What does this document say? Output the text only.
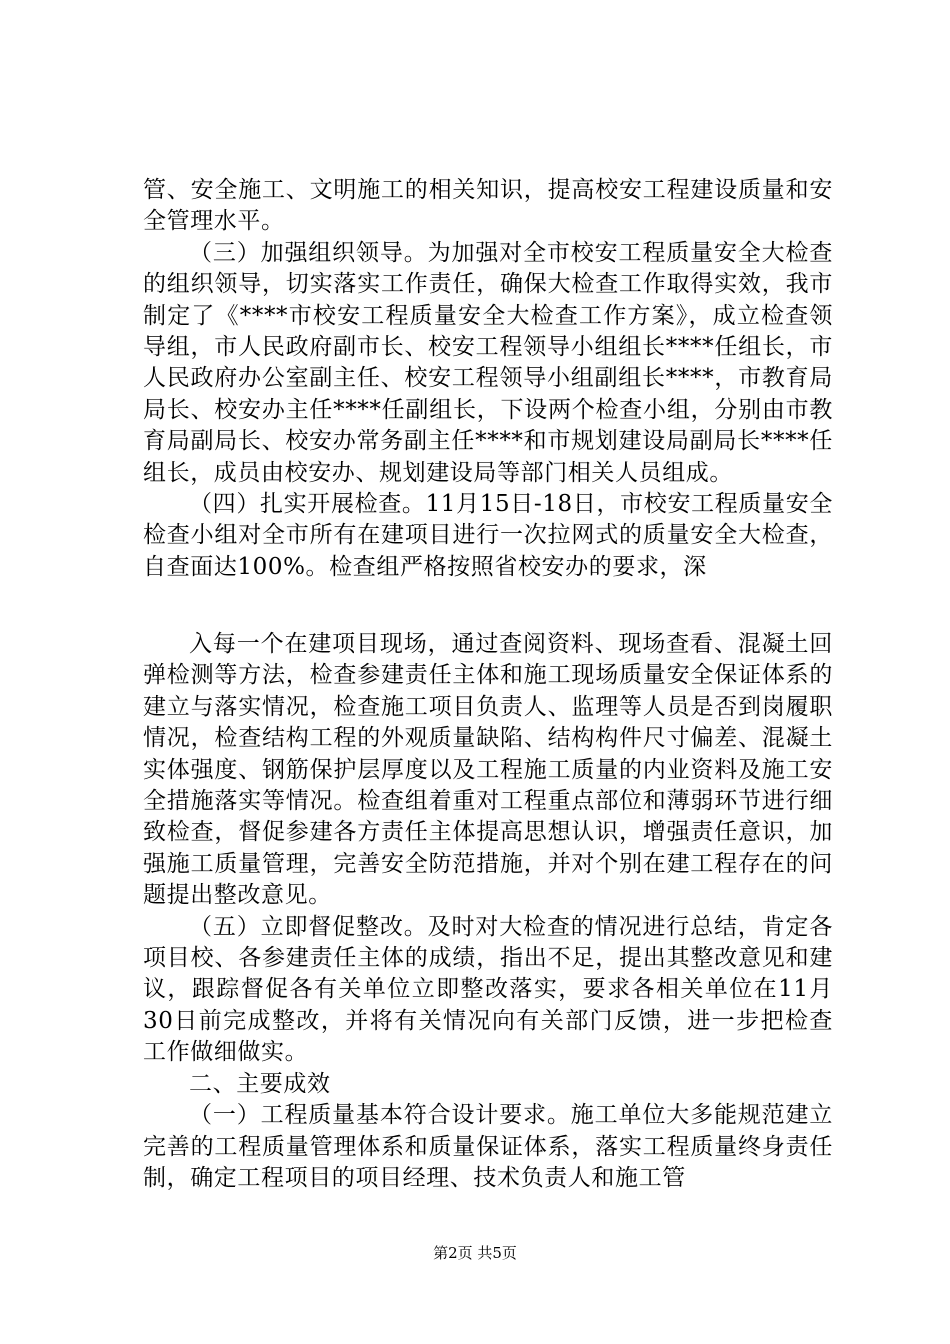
管、安全施工、文明施工的相关知识，提高校安工程建设质量和安全管理水平。

（三）加强组织领导。为加强对全市校安工程质量安全大检查的组织领导，切实落实工作责任，确保大检查工作取得实效，我市制定了《****市校安工程质量安全大检查工作方案》，成立检查领导组，市人民政府副市长、校安工程领导小组组长****任组长，市人民政府办公室副主任、校安工程领导小组副组长****，市教育局局长、校安办主任****任副组长，下设两个检查小组，分别由市教育局副局长、校安办常务副主任****和市规划建设局副局长****任组长，成员由校安办、规划建设局等部门相关人员组成。

（四）扎实开展检查。11月15日-18日，市校安工程质量安全检查小组对全市所有在建项目进行一次拉网式的质量安全大检查，自查面达100%。检查组严格按照省校安办的要求，深

入每一个在建项目现场，通过查阅资料、现场查看、混凝土回弹检测等方法，检查参建责任主体和施工现场质量安全保证体系的建立与落实情况，检查施工项目负责人、监理等人员是否到岗履职情况，检查结构工程的外观质量缺陷、结构构件尺寸偏差、混凝土实体强度、钢筋保护层厚度以及工程施工质量的内业资料及施工安全措施落实等情况。检查组着重对工程重点部位和薄弱环节进行细致检查，督促参建各方责任主体提高思想认识，增强责任意识，加强施工质量管理，完善安全防范措施，并对个别在建工程存在的问题提出整改意见。

（五）立即督促整改。及时对大检查的情况进行总结，肯定各项目校、各参建责任主体的成绩，指出不足，提出其整改意见和建议，跟踪督促各有关单位立即整改落实，要求各相关单位在11月30日前完成整改，并将有关情况向有关部门反馈，进一步把检查工作做细做实。

二、主要成效

（一）工程质量基本符合设计要求。施工单位大多能规范建立完善的工程质量管理体系和质量保证体系，落实工程质量终身责任制，确定工程项目的项目经理、技术负责人和施工管

第2页 共5页
